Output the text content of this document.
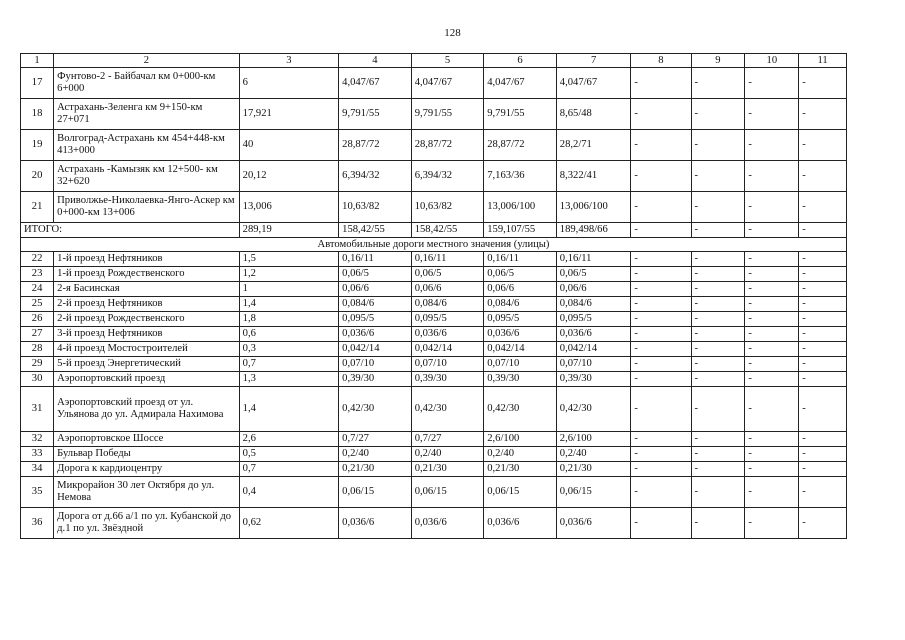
128
1	2	3	4	5	6	7	8	9	10	11
17	Фунтово-2 - Байбачал км 0+000-км 6+000	6	4,047/67	4,047/67	4,047/67	4,047/67	-	-	-	-
18	Астрахань-Зеленга км 9+150-км 27+071	17,921	9,791/55	9,791/55	9,791/55	8,65/48	-	-	-	-
19	Волгоград-Астрахань км 454+448-км 413+000	40	28,87/72	28,87/72	28,87/72	28,2/71	-	-	-	-
20	Астрахань -Камызяк км 12+500- км 32+620	20,12	6,394/32	6,394/32	7,163/36	8,322/41	-	-	-	-
21	Приволжье-Николаевка-Янго-Аскер км 0+000-км 13+006	13,006	10,63/82	10,63/82	13,006/100	13,006/100	-	-	-	-
ИТОГО:		289,19	158,42/55	158,42/55	159,107/55	189,498/66	-	-	-	-
Автомобильные дороги местного значения (улицы)										
22	1-й проезд Нефтяников	1,5	0,16/11	0,16/11	0,16/11	0,16/11	-	-	-	-
23	1-й проезд Рождественского	1,2	0,06/5	0,06/5	0,06/5	0,06/5	-	-	-	-
24	2-я Басинская	1	0,06/6	0,06/6	0,06/6	0,06/6	-	-	-	-
25	2-й проезд Нефтяников	1,4	0,084/6	0,084/6	0,084/6	0,084/6	-	-	-	-
26	2-й проезд Рождественского	1,8	0,095/5	0,095/5	0,095/5	0,095/5	-	-	-	-
27	3-й проезд Нефтяников	0,6	0,036/6	0,036/6	0,036/6	0,036/6	-	-	-	-
28	4-й проезд Мостостроителей	0,3	0,042/14	0,042/14	0,042/14	0,042/14	-	-	-	-
29	5-й проезд Энергетический	0,7	0,07/10	0,07/10	0,07/10	0,07/10	-	-	-	-
30	Аэропортовский проезд	1,3	0,39/30	0,39/30	0,39/30	0,39/30	-	-	-	-
31	Аэропортовский проезд от ул. Ульянова до ул. Адмирала Нахимова	1,4	0,42/30	0,42/30	0,42/30	0,42/30	-	-	-	-
32	Аэропортовское Шоссе	2,6	0,7/27	0,7/27	2,6/100	2,6/100	-	-	-	-
33	Бульвар Победы	0,5	0,2/40	0,2/40	0,2/40	0,2/40	-	-	-	-
34	Дорога к кардиоцентру	0,7	0,21/30	0,21/30	0,21/30	0,21/30	-	-	-	-
35	Микрорайон 30 лет Октября до ул. Немова	0,4	0,06/15	0,06/15	0,06/15	0,06/15	-	-	-	-
36	Дорога от д.66 а/1 по ул. Кубанской до д.1 по ул. Звёздной	0,62	0,036/6	0,036/6	0,036/6	0,036/6	-	-	-	-
